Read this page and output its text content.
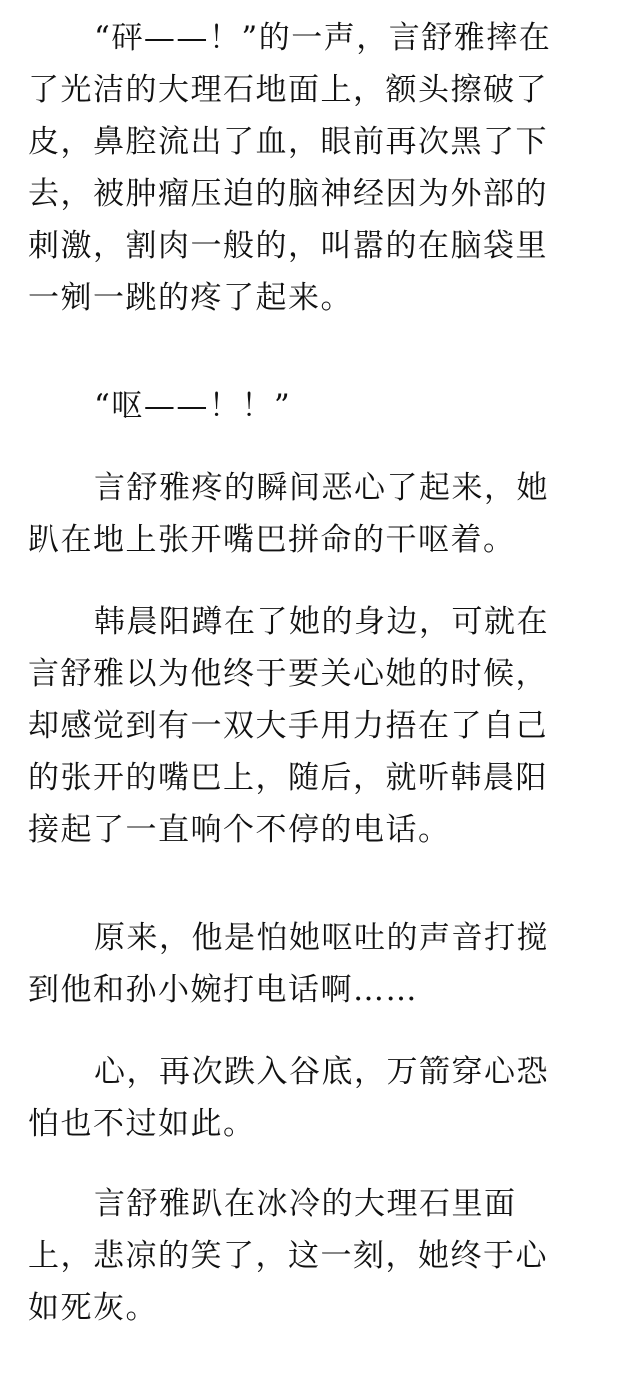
“砰——！”的一声，言舒雅摔在
了光洁的大理石地面上，额头擦破了
皮，鼻腔流出了血，眼前再次黑了下
去，被肿瘤压迫的脑神经因为外部的
刺激，割肉一般的，叫嚣的在脑袋里
一剜一跳的疼了起来。
“呕——！！”
言舒雅疼的瞬间恶心了起来，她
趴在地上张开嘴巴拼命的干呕着。
韩晨阳蹲在了她的身边，可就在
言舒雅以为他终于要关心她的时候，
却感觉到有一双大手用力捂在了自己
的张开的嘴巴上，随后，就听韩晨阳
接起了一直响个不停的电话。
原来，他是怕她呕吐的声音打搅
到他和孙小婉打电话啊……
心，再次跌入谷底，万箭穿心恐
怕也不过如此。
言舒雅趴在冰冷的大理石里面
上，悲凉的笑了，这一刻，她终于心
如死灰。
